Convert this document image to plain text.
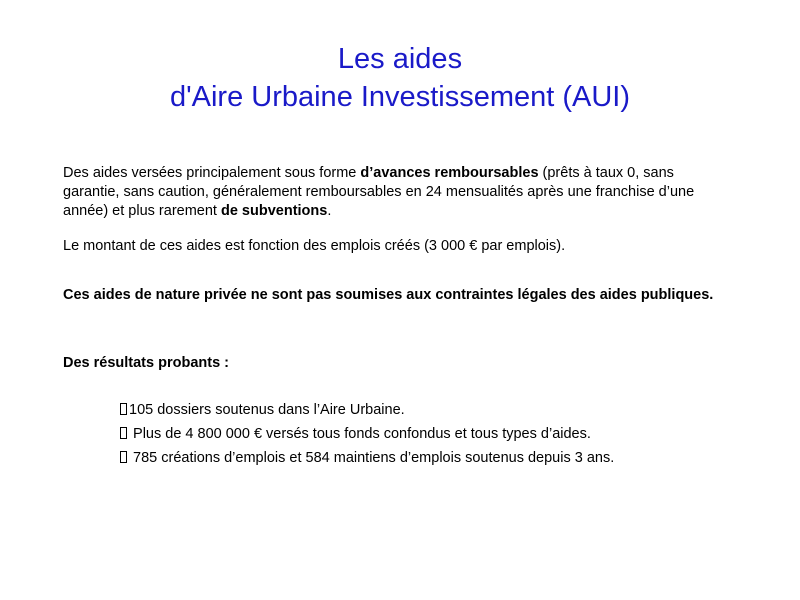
Les aides
d'Aire Urbaine Investissement (AUI)
Des aides versées principalement sous forme d’avances remboursables (prêts à taux 0, sans garantie, sans caution, généralement remboursables en 24 mensualités après une franchise d’une année) et plus rarement de subventions.
Le montant de ces aides est fonction des emplois créés (3 000 € par emplois).
Ces aides de nature privée ne sont pas soumises aux contraintes légales des aides publiques.
Des résultats probants :
105 dossiers soutenus dans l’Aire Urbaine.
Plus de 4 800 000 € versés tous fonds confondus et tous types d’aides.
785 créations d’emplois et 584 maintiens d’emplois soutenus depuis 3 ans.
